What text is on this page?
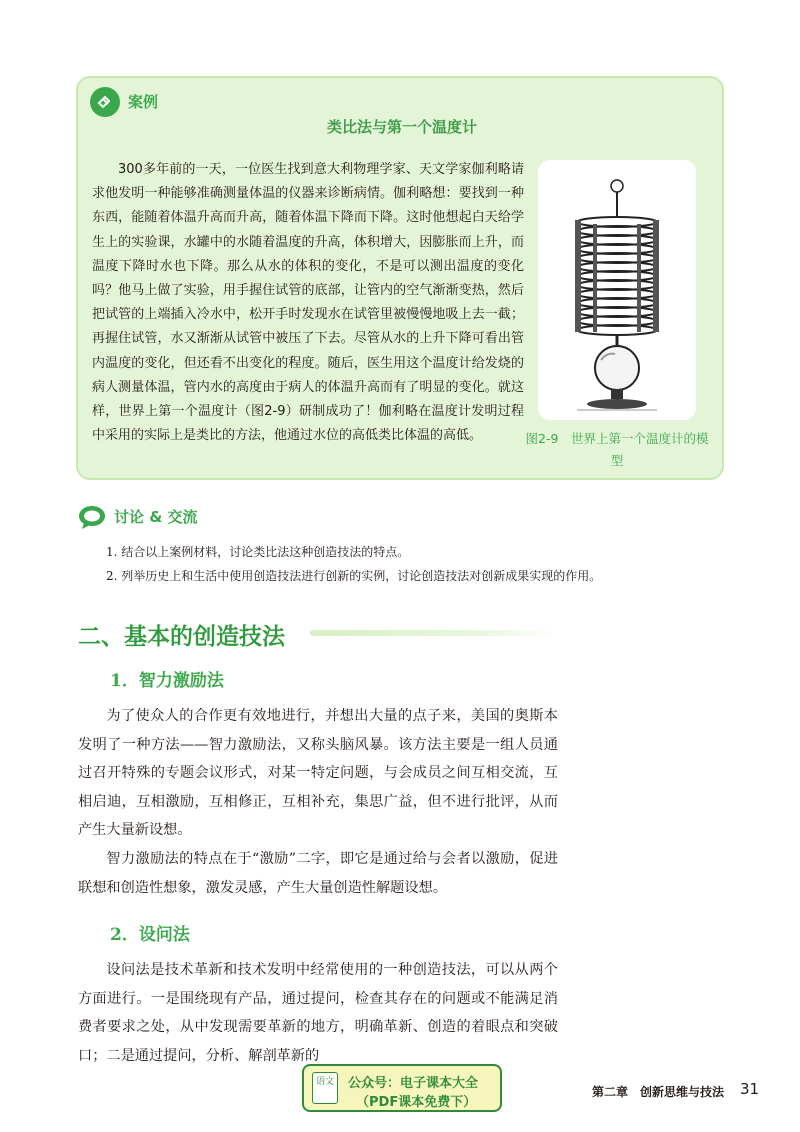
案例
类比法与第一个温度计

300多年前的一天，一位医生找到意大利物理学家、天文学家伽利略请求他发明一种能够准确测量体温的仪器来诊断病情。伽利略想：要找到一种东西，能随着体温升高而升高，随着体温下降而下降。这时他想起白天给学生上的实验课，水罐中的水随着温度的升高，体积增大，因膨胀而上升，而温度下降时水也下降。那么从水的体积的变化，不是可以测出温度的变化吗？他马上做了实验，用手握住试管的底部，让管内的空气渐渐变热，然后把试管的上端插入冷水中，松开手时发现水在试管里被慢慢地吸上去一截；再握住试管，水又渐渐从试管中被压了下去。尽管从水的上升下降可看出管内温度的变化，但还看不出变化的程度。随后，医生用这个温度计给发烧的病人测量体温，管内水的高度由于病人的体温升高而有了明显的变化。就这样，世界上第一个温度计（图2-9）研制成功了！伽利略在温度计发明过程中采用的实际上是类比的方法，他通过水位的高低类比体温的高低。	图2-9　世界上第一个温度计的模型
讨论 & 交流
1. 结合以上案例材料，讨论类比法这种创造技法的特点。
2. 列举历史上和生活中使用创造技法进行创新的实例，讨论创造技法对创新成果实现的作用。
二、基本的创造技法
1．智力激励法

为了使众人的合作更有效地进行，并想出大量的点子来，美国的奥斯本发明了一种方法——智力激励法，又称头脑风暴。该方法主要是一组人员通过召开特殊的专题会议形式，对某一特定问题，与会成员之间互相交流，互相启迪，互相激励，互相修正，互相补充，集思广益，但不进行批评，从而产生大量新设想。

智力激励法的特点在于“激励”二字，即它是通过给与会者以激励，促进联想和创造性想象，激发灵感，产生大量创造性解题设想。

2．设问法

设问法是技术革新和技术发明中经常使用的一种创造技法，可以从两个方面进行。一是围绕现有产品，通过提问，检查其存在的问题或不能满足消费者要求之处，从中发现需要革新的地方，明确革新、创造的着眼点和突破口；二是通过提问，分析、解剖革新的

语文	公众号：电子课本大全
（PDF课本免费下）
第二章　创新思维与技法 31
